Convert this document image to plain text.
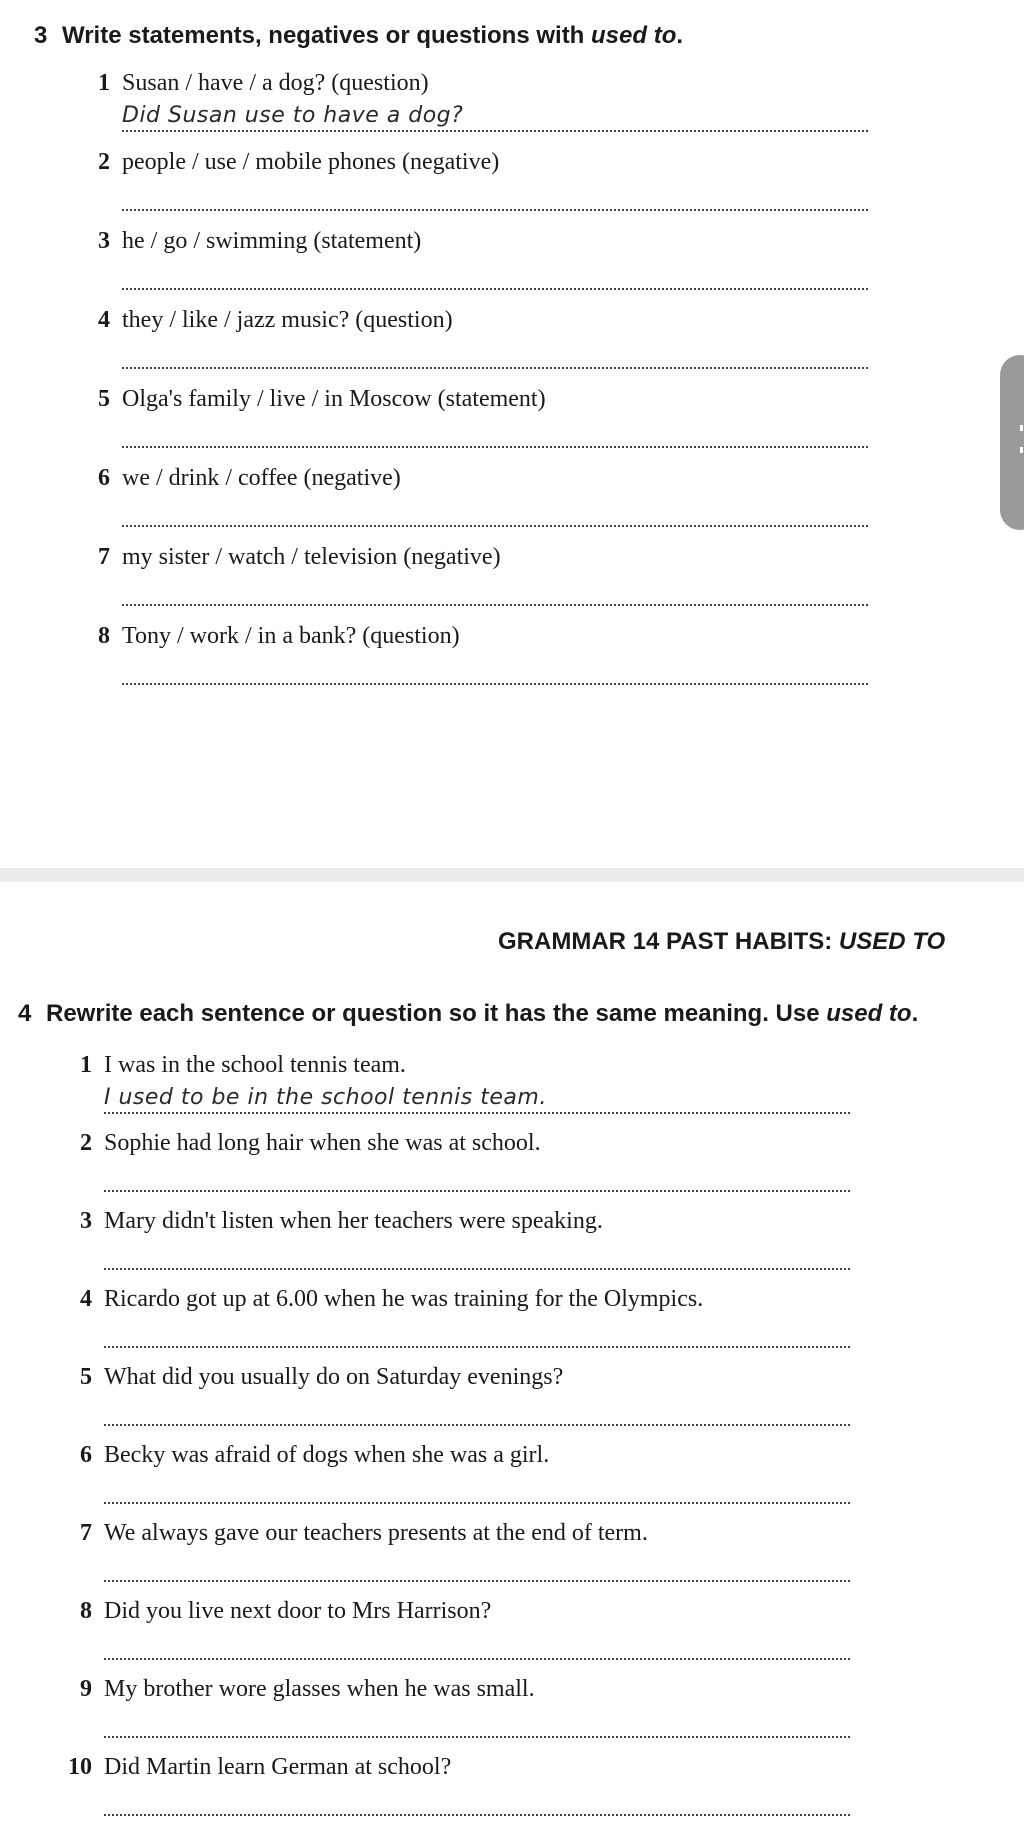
3 Write statements, negatives or questions with used to.
1 Susan / have / a dog? (question)
Did Susan use to have a dog?
2 people / use / mobile phones (negative)
3 he / go / swimming (statement)
4 they / like / jazz music? (question)
5 Olga's family / live / in Moscow (statement)
6 we / drink / coffee (negative)
7 my sister / watch / television (negative)
8 Tony / work / in a bank? (question)
GRAMMAR 14 PAST HABITS: USED TO
4 Rewrite each sentence or question so it has the same meaning. Use used to.
1 I was in the school tennis team.
I used to be in the school tennis team.
2 Sophie had long hair when she was at school.
3 Mary didn't listen when her teachers were speaking.
4 Ricardo got up at 6.00 when he was training for the Olympics.
5 What did you usually do on Saturday evenings?
6 Becky was afraid of dogs when she was a girl.
7 We always gave our teachers presents at the end of term.
8 Did you live next door to Mrs Harrison?
9 My brother wore glasses when he was small.
10 Did Martin learn German at school?
